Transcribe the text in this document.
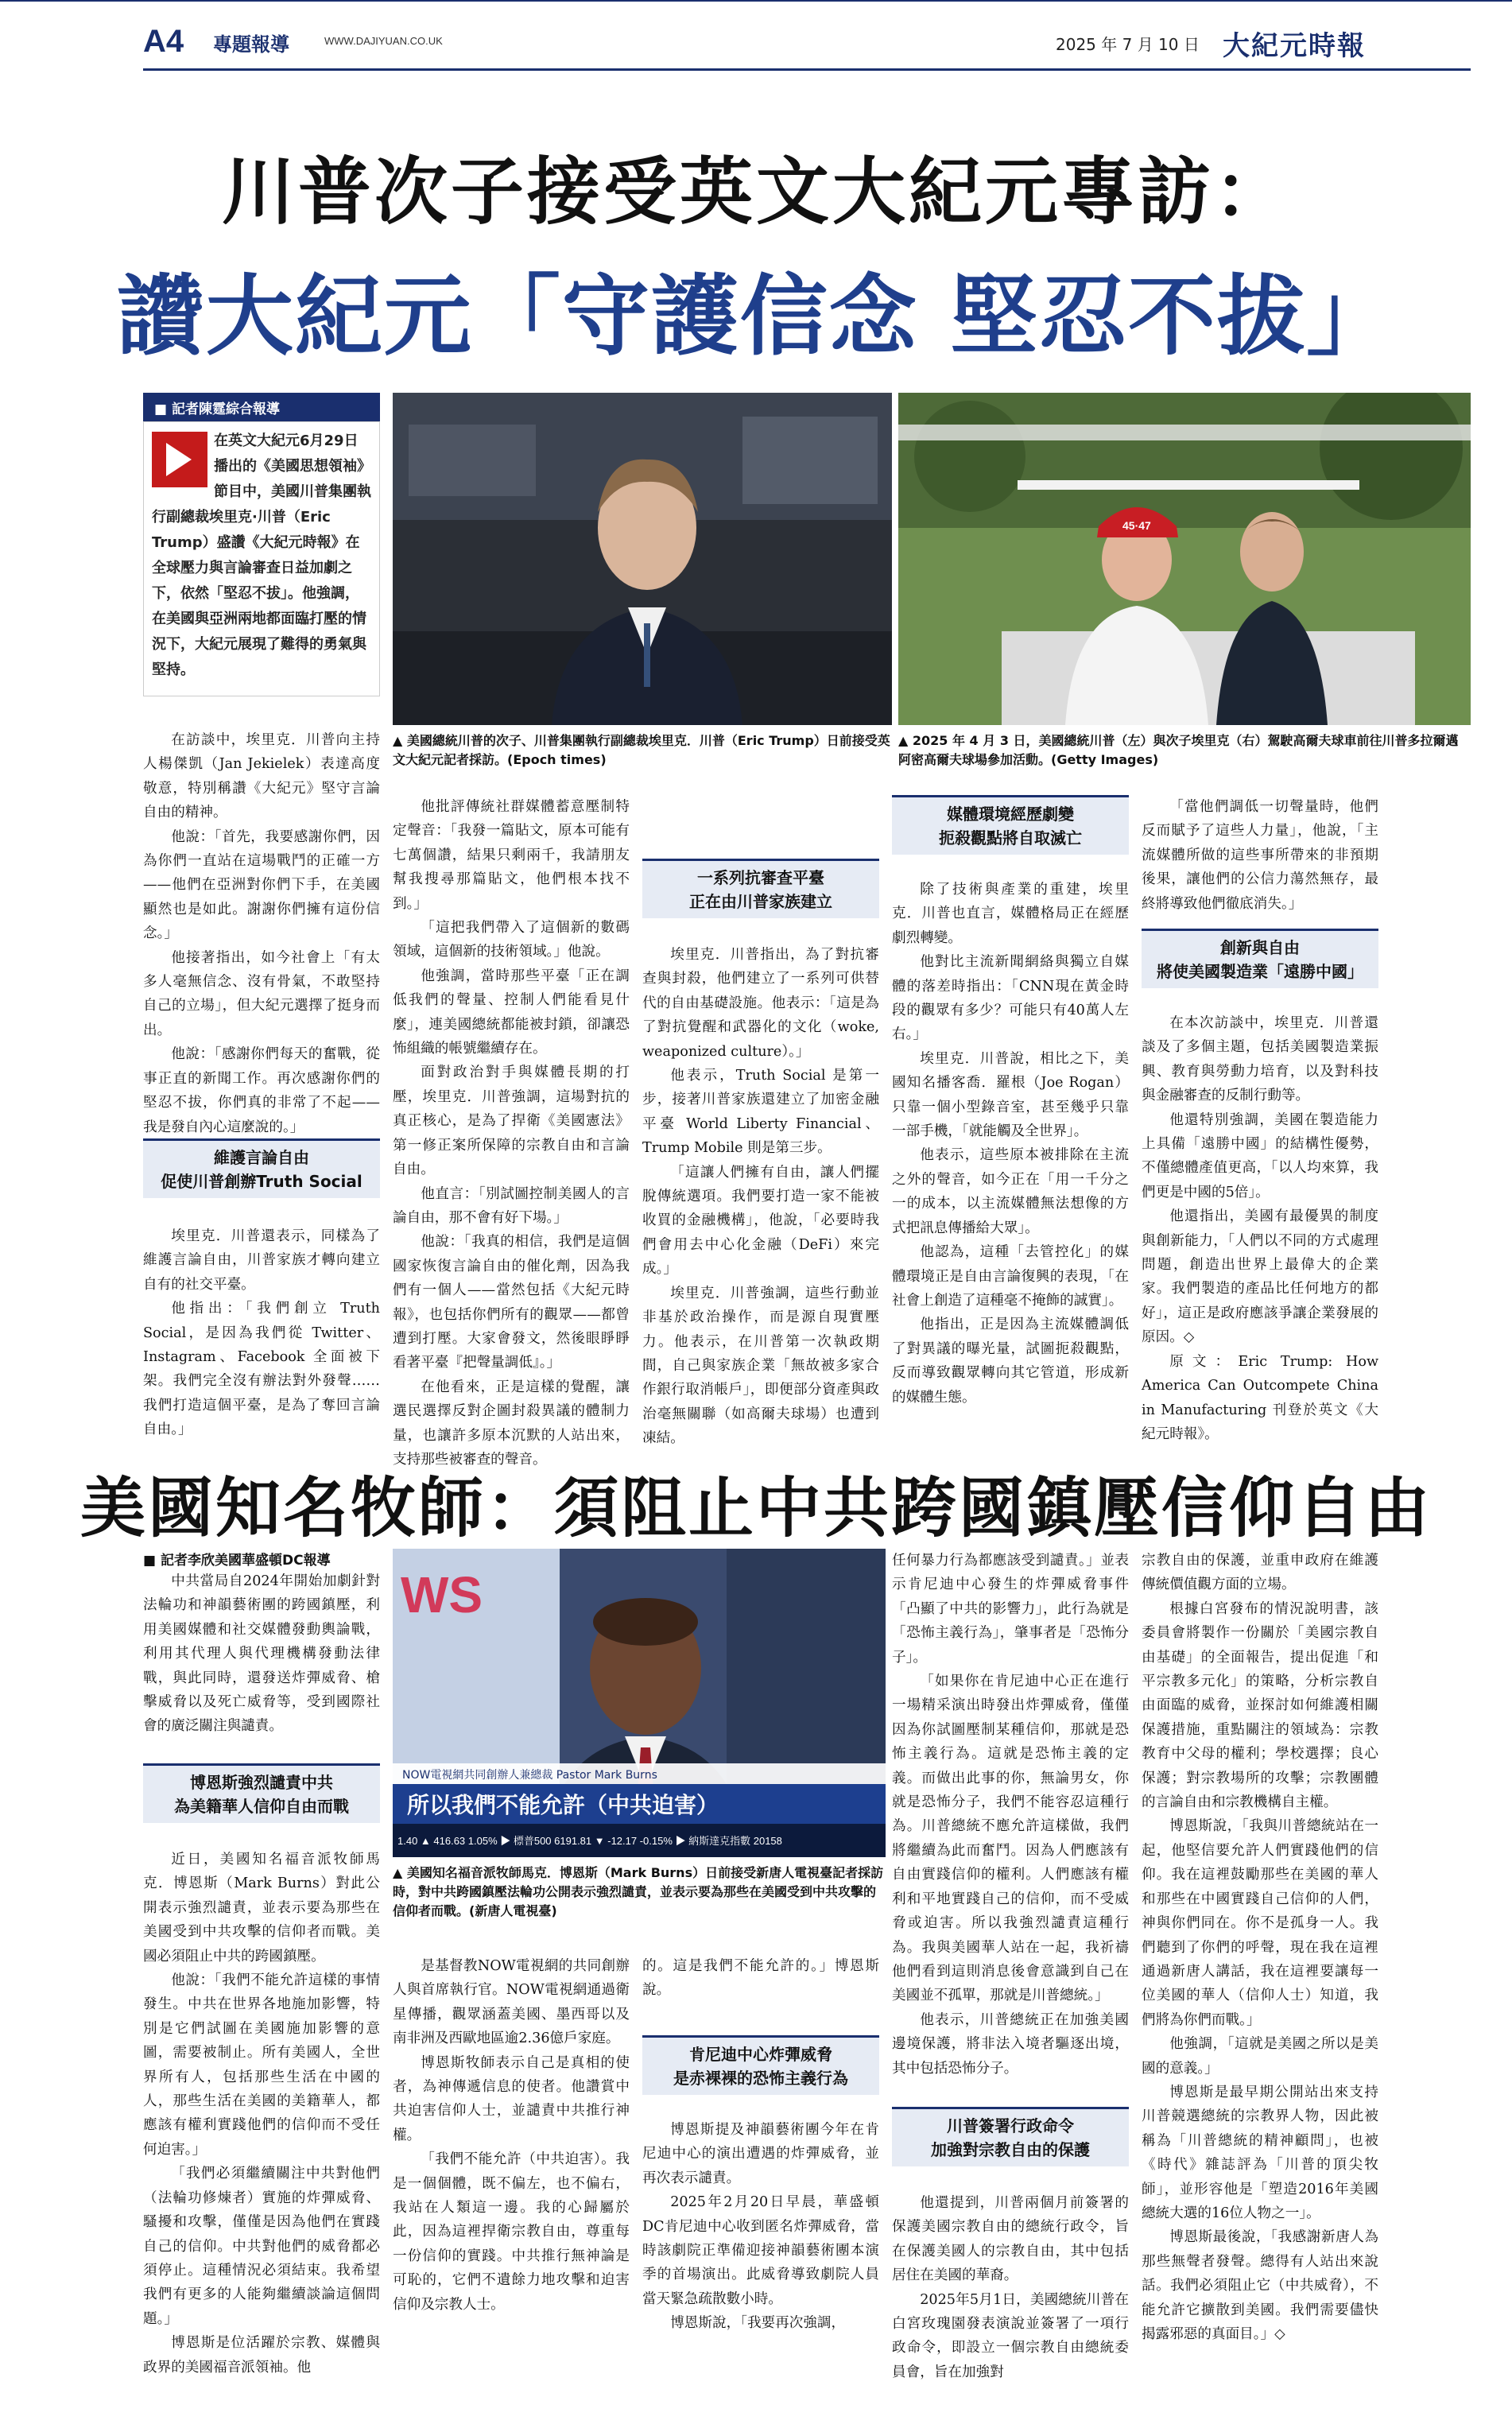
A4 專題報導	WWW.DAJIYUAN.CO.UK	2025 年 7 月 10 日 大紀元時報
川普次子接受英文大紀元專訪：
讚大紀元「守護信念 堅忍不拔」
■ 記者陳霆綜合報導
在英文大紀元6月29日播出的《美國思想領袖》節目中，美國川普集團執行副總裁埃里克·川普（Eric Trump）盛讚《大紀元時報》在全球壓力與言論審查日益加劇之下，依然「堅忍不拔」。他強調，在美國與亞洲兩地都面臨打壓的情況下，大紀元展現了難得的勇氣與堅持。
▲ 美國總統川普的次子、川普集團執行副總裁埃里克．川普（Eric Trump）日前接受英文大紀元記者採訪。(Epoch times)
45·47
▲ 2025 年 4 月 3 日，美國總統川普（左）與次子埃里克（右）駕駛高爾夫球車前往川普多拉爾邁阿密高爾夫球場參加活動。(Getty Images)

在訪談中，埃里克．川普向主持人楊傑凱（Jan Jekielek）表達高度敬意，特別稱讚《大紀元》堅守言論自由的精神。

他說：「首先，我要感謝你們，因為你們一直站在這場戰鬥的正確一方——他們在亞洲對你們下手，在美國顯然也是如此。謝謝你們擁有這份信念。」

他接著指出，如今社會上「有太多人毫無信念、沒有骨氣，不敢堅持自己的立場」，但大紀元選擇了挺身而出。

他說：「感謝你們每天的奮戰，從事正直的新聞工作。再次感謝你們的堅忍不拔，你們真的非常了不起——我是發自內心這麼說的。」

維護言論自由
促使川普創辦Truth Social

埃里克．川普還表示，同樣為了維護言論自由，川普家族才轉向建立自有的社交平臺。

他指出：「我們創立 Truth Social，是因為我們從 Twitter、Instagram、Facebook 全面被下架。我們完全沒有辦法對外發聲……我們打造這個平臺，是為了奪回言論自由。」

他批評傳統社群媒體蓄意壓制特定聲音：「我發一篇貼文，原本可能有七萬個讚，結果只剩兩千，我請朋友幫我搜尋那篇貼文，他們根本找不到。」

「這把我們帶入了這個新的數碼領域，這個新的技術領域。」他說。

他強調，當時那些平臺「正在調低我們的聲量、控制人們能看見什麼」，連美國總統都能被封鎖，卻讓恐怖組織的帳號繼續存在。

面對政治對手與媒體長期的打壓，埃里克．川普強調，這場對抗的真正核心，是為了捍衛《美國憲法》第一修正案所保障的宗教自由和言論自由。

他直言：「別試圖控制美國人的言論自由，那不會有好下場。」

他說：「我真的相信，我們是這個國家恢復言論自由的催化劑，因為我們有一個人——當然包括《大紀元時報》，也包括你們所有的觀眾——都曾遭到打壓。大家會發文，然後眼睜睜看著平臺『把聲量調低』。」

在他看來，正是這樣的覺醒，讓選民選擇反對企圖封殺異議的體制力量，也讓許多原本沉默的人站出來，支持那些被審查的聲音。

一系列抗審查平臺
正在由川普家族建立

埃里克．川普指出，為了對抗審查與封殺，他們建立了一系列可供替代的自由基礎設施。他表示：「這是為了對抗覺醒和武器化的文化（woke, weaponized culture）。」

他表示，Truth Social 是第一步，接著川普家族還建立了加密金融平臺 World Liberty Financial、Trump Mobile 則是第三步。

「這讓人們擁有自由，讓人們擺脫傳統選項。我們要打造一家不能被收買的金融機構」，他說，「必要時我們會用去中心化金融（DeFi）來完成。」

埃里克．川普強調，這些行動並非基於政治操作，而是源自現實壓力。他表示，在川普第一次執政期間，自己與家族企業「無故被多家合作銀行取消帳戶」，即便部分資產與政治毫無關聯（如高爾夫球場）也遭到凍結。

媒體環境經歷劇變
扼殺觀點將自取滅亡

除了技術與產業的重建，埃里克．川普也直言，媒體格局正在經歷劇烈轉變。

他對比主流新聞網絡與獨立自媒體的落差時指出：「CNN現在黃金時段的觀眾有多少？可能只有40萬人左右。」

埃里克．川普說，相比之下，美國知名播客喬．羅根（Joe Rogan）只靠一個小型錄音室，甚至幾乎只靠一部手機，「就能觸及全世界」。

他表示，這些原本被排除在主流之外的聲音，如今正在「用一千分之一的成本，以主流媒體無法想像的方式把訊息傳播給大眾」。

他認為，這種「去管控化」的媒體環境正是自由言論復興的表現，「在社會上創造了這種毫不掩飾的誠實」。

他指出，正是因為主流媒體調低了對異議的曝光量，試圖扼殺觀點，反而導致觀眾轉向其它管道，形成新的媒體生態。

「當他們調低一切聲量時，他們反而賦予了這些人力量」，他說，「主流媒體所做的這些事所帶來的非預期後果，讓他們的公信力蕩然無存，最終將導致他們徹底消失。」

創新與自由
將使美國製造業「遠勝中國」

在本次訪談中，埃里克．川普還談及了多個主題，包括美國製造業振興、教育與勞動力培育，以及對科技與金融審查的反制行動等。

他還特別強調，美國在製造能力上具備「遠勝中國」的結構性優勢，不僅總體產值更高，「以人均來算，我們更是中國的5倍」。

他還指出，美國有最優異的制度與創新能力，「人們以不同的方式處理問題，創造出世界上最偉大的企業家。我們製造的產品比任何地方的都好」，這正是政府應該爭讓企業發展的原因。◇

原文：Eric Trump: How America Can Outcompete China in Manufacturing 刊登於英文《大紀元時報》。

美國知名牧師：須阻止中共跨國鎮壓信仰自由
■ 記者李欣美國華盛頓DC報導

中共當局自2024年開始加劇針對法輪功和神韻藝術團的跨國鎮壓，利用美國媒體和社交媒體發動輿論戰，利用其代理人與代理機構發動法律戰，與此同時，還發送炸彈威脅、槍擊威脅以及死亡威脅等，受到國際社會的廣泛關注與譴責。

博恩斯強烈譴責中共
為美籍華人信仰自由而戰

近日，美國知名福音派牧師馬克．博恩斯（Mark Burns）對此公開表示強烈譴責，並表示要為那些在美國受到中共攻擊的信仰者而戰。美國必須阻止中共的跨國鎮壓。

他說：「我們不能允許這樣的事情發生。中共在世界各地施加影響，特別是它們試圖在美國施加影響的意圖，需要被制止。所有美國人，全世界所有人，包括那些生活在中國的人，那些生活在美國的美籍華人，都應該有權利實踐他們的信仰而不受任何迫害。」

「我們必須繼續關注中共對他們（法輪功修煉者）實施的炸彈威脅、騷擾和攻擊，僅僅是因為他們在實踐自己的信仰。中共對他們的威脅都必須停止。這種情況必須結束。我希望我們有更多的人能夠繼續談論這個問題。」

博恩斯是位活躍於宗教、媒體與政界的美國福音派領袖。他

WS
NOW電視網共同創辦人兼總裁 Pastor Mark Burns
所以我們不能允許（中共迫害）
1.40 ▲ 416.63 1.05% ▶ 標普500 6191.81 ▼ -12.17 -0.15% ▶ 納斯達克指數 20158
▲ 美國知名福音派牧師馬克．博恩斯（Mark Burns）日前接受新唐人電視臺記者採訪時，對中共跨國鎮壓法輪功公開表示強烈譴責，並表示要為那些在美國受到中共攻擊的信仰者而戰。(新唐人電視臺)

是基督教NOW電視網的共同創辦人與首席執行官。NOW電視網通過衛星傳播，觀眾涵蓋美國、墨西哥以及南非洲及西歐地區逾2.36億戶家庭。

博恩斯牧師表示自己是真相的使者，為神傳遞信息的使者。他讚賞中共迫害信仰人士，並譴責中共推行神權。

「我們不能允許（中共迫害）。我是一個個體，既不偏左，也不偏右，我站在人類這一邊。我的心歸屬於此，因為這裡捍衛宗教自由，尊重每一份信仰的實踐。中共推行無神論是可恥的，它們不遺餘力地攻擊和迫害信仰及宗教人士。

的。這是我們不能允許的。」博恩斯說。

肯尼迪中心炸彈威脅
是赤裸裸的恐怖主義行為

博恩斯提及神韻藝術團今年在肯尼迪中心的演出遭遇的炸彈威脅，並再次表示譴責。

2025年2月20日早晨，華盛頓DC肯尼迪中心收到匿名炸彈威脅，當時該劇院正準備迎接神韻藝術團本演季的首場演出。此威脅導致劇院人員當天緊急疏散數小時。

博恩斯說，「我要再次強調，

任何暴力行為都應該受到譴責。」並表示肯尼迪中心發生的炸彈威脅事件「凸顯了中共的影響力」，此行為就是「恐怖主義行為」，肇事者是「恐怖分子」。

「如果你在肯尼迪中心正在進行一場精采演出時發出炸彈威脅，僅僅因為你試圖壓制某種信仰，那就是恐怖主義行為。這就是恐怖主義的定義。而做出此事的你，無論男女，你就是恐怖分子，我們不能容忍這種行為。川普總統不應允許這樣做，我們將繼續為此而奮鬥。因為人們應該有自由實踐信仰的權利。人們應該有權利和平地實踐自己的信仰，而不受威脅或迫害。所以我強烈譴責這種行為。我與美國華人站在一起，我祈禱他們看到這則消息後會意識到自己在美國並不孤單，那就是川普總統。」

他表示，川普總統正在加強美國邊境保護，將非法入境者驅逐出境，其中包括恐怖分子。

川普簽署行政命令
加強對宗教自由的保護

他還提到，川普兩個月前簽署的保護美國宗教自由的總統行政令，旨在保護美國人的宗教自由，其中包括居住在美國的華裔。

2025年5月1日，美國總統川普在白宮玫瑰園發表演說並簽署了一項行政命令，即設立一個宗教自由總統委員會，旨在加強對

宗教自由的保護，並重申政府在維護傳統價值觀方面的立場。

根據白宮發布的情況說明書，該委員會將製作一份關於「美國宗教自由基礎」的全面報告，提出促進「和平宗教多元化」的策略，分析宗教自由面臨的威脅，並探討如何維護相關保護措施，重點關注的領域為：宗教教育中父母的權利；學校選擇；良心保護；對宗教場所的攻擊；宗教團體的言論自由和宗教機構自主權。

博恩斯說，「我與川普總統站在一起，他堅信要允許人們實踐他們的信仰。我在這裡鼓勵那些在美國的華人和那些在中國實踐自己信仰的人們，神與你們同在。你不是孤身一人。我們聽到了你們的呼聲，現在我在這裡通過新唐人講話，我在這裡要讓每一位美國的華人（信仰人士）知道，我們將為你們而戰。」

他強調，「這就是美國之所以是美國的意義。」

博恩斯是最早期公開站出來支持川普競選總統的宗教界人物，因此被稱為「川普總統的精神顧問」，也被《時代》雜誌評為「川普的頂尖牧師」，並形容他是「塑造2016年美國總統大選的16位人物之一」。

博恩斯最後說，「我感謝新唐人為那些無聲者發聲。總得有人站出來說話。我們必須阻止它（中共威脅），不能允許它擴散到美國。我們需要儘快揭露邪惡的真面目。」◇
